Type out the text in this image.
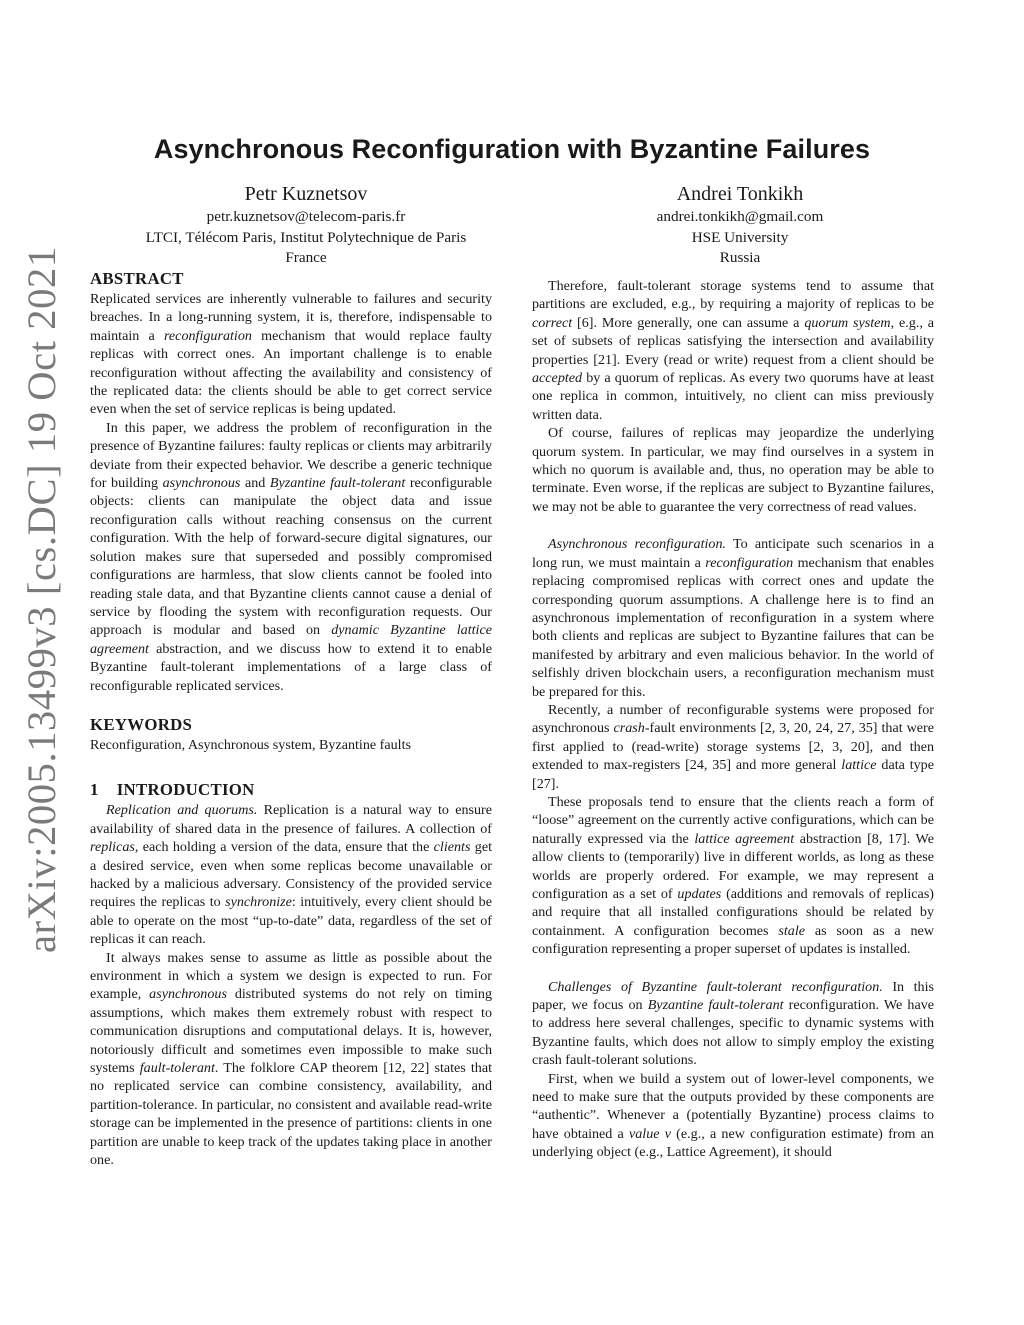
arXiv:2005.13499v3 [cs.DC] 19 Oct 2021
Asynchronous Reconfiguration with Byzantine Failures
Petr Kuznetsov
petr.kuznetsov@telecom-paris.fr
LTCI, Télécom Paris, Institut Polytechnique de Paris
France
Andrei Tonkikh
andrei.tonkikh@gmail.com
HSE University
Russia
ABSTRACT

Replicated services are inherently vulnerable to failures and security breaches. In a long-running system, it is, therefore, indispensable to maintain a reconfiguration mechanism that would replace faulty replicas with correct ones. An important challenge is to enable reconfiguration without affecting the availability and consistency of the replicated data: the clients should be able to get correct service even when the set of service replicas is being updated.

In this paper, we address the problem of reconfiguration in the presence of Byzantine failures: faulty replicas or clients may arbitrarily deviate from their expected behavior. We describe a generic technique for building asynchronous and Byzantine fault-tolerant reconfigurable objects: clients can manipulate the object data and issue reconfiguration calls without reaching consensus on the current configuration. With the help of forward-secure digital signatures, our solution makes sure that superseded and possibly compromised configurations are harmless, that slow clients cannot be fooled into reading stale data, and that Byzantine clients cannot cause a denial of service by flooding the system with reconfiguration requests. Our approach is modular and based on dynamic Byzantine lattice agreement abstraction, and we discuss how to extend it to enable Byzantine fault-tolerant implementations of a large class of reconfigurable replicated services.

KEYWORDS

Reconfiguration, Asynchronous system, Byzantine faults

1 INTRODUCTION

Replication and quorums. Replication is a natural way to ensure availability of shared data in the presence of failures. A collection of replicas, each holding a version of the data, ensure that the clients get a desired service, even when some replicas become unavailable or hacked by a malicious adversary. Consistency of the provided service requires the replicas to synchronize: intuitively, every client should be able to operate on the most “up-to-date” data, regardless of the set of replicas it can reach.

It always makes sense to assume as little as possible about the environment in which a system we design is expected to run. For example, asynchronous distributed systems do not rely on timing assumptions, which makes them extremely robust with respect to communication disruptions and computational delays. It is, however, notoriously difficult and sometimes even impossible to make such systems fault-tolerant. The folklore CAP theorem [12, 22] states that no replicated service can combine consistency, availability, and partition-tolerance. In particular, no consistent and available read-write storage can be implemented in the presence of partitions: clients in one partition are unable to keep track of the updates taking place in another one.

Therefore, fault-tolerant storage systems tend to assume that partitions are excluded, e.g., by requiring a majority of replicas to be correct [6]. More generally, one can assume a quorum system, e.g., a set of subsets of replicas satisfying the intersection and availability properties [21]. Every (read or write) request from a client should be accepted by a quorum of replicas. As every two quorums have at least one replica in common, intuitively, no client can miss previously written data.

Of course, failures of replicas may jeopardize the underlying quorum system. In particular, we may find ourselves in a system in which no quorum is available and, thus, no operation may be able to terminate. Even worse, if the replicas are subject to Byzantine failures, we may not be able to guarantee the very correctness of read values.

Asynchronous reconfiguration. To anticipate such scenarios in a long run, we must maintain a reconfiguration mechanism that enables replacing compromised replicas with correct ones and update the corresponding quorum assumptions. A challenge here is to find an asynchronous implementation of reconfiguration in a system where both clients and replicas are subject to Byzantine failures that can be manifested by arbitrary and even malicious behavior. In the world of selfishly driven blockchain users, a reconfiguration mechanism must be prepared for this.

Recently, a number of reconfigurable systems were proposed for asynchronous crash-fault environments [2, 3, 20, 24, 27, 35] that were first applied to (read-write) storage systems [2, 3, 20], and then extended to max-registers [24, 35] and more general lattice data type [27].

These proposals tend to ensure that the clients reach a form of “loose” agreement on the currently active configurations, which can be naturally expressed via the lattice agreement abstraction [8, 17]. We allow clients to (temporarily) live in different worlds, as long as these worlds are properly ordered. For example, we may represent a configuration as a set of updates (additions and removals of replicas) and require that all installed configurations should be related by containment. A configuration becomes stale as soon as a new configuration representing a proper superset of updates is installed.

Challenges of Byzantine fault-tolerant reconfiguration. In this paper, we focus on Byzantine fault-tolerant reconfiguration. We have to address here several challenges, specific to dynamic systems with Byzantine faults, which does not allow to simply employ the existing crash fault-tolerant solutions.

First, when we build a system out of lower-level components, we need to make sure that the outputs provided by these components are “authentic”. Whenever a (potentially Byzantine) process claims to have obtained a value v (e.g., a new configuration estimate) from an underlying object (e.g., Lattice Agreement), it should
